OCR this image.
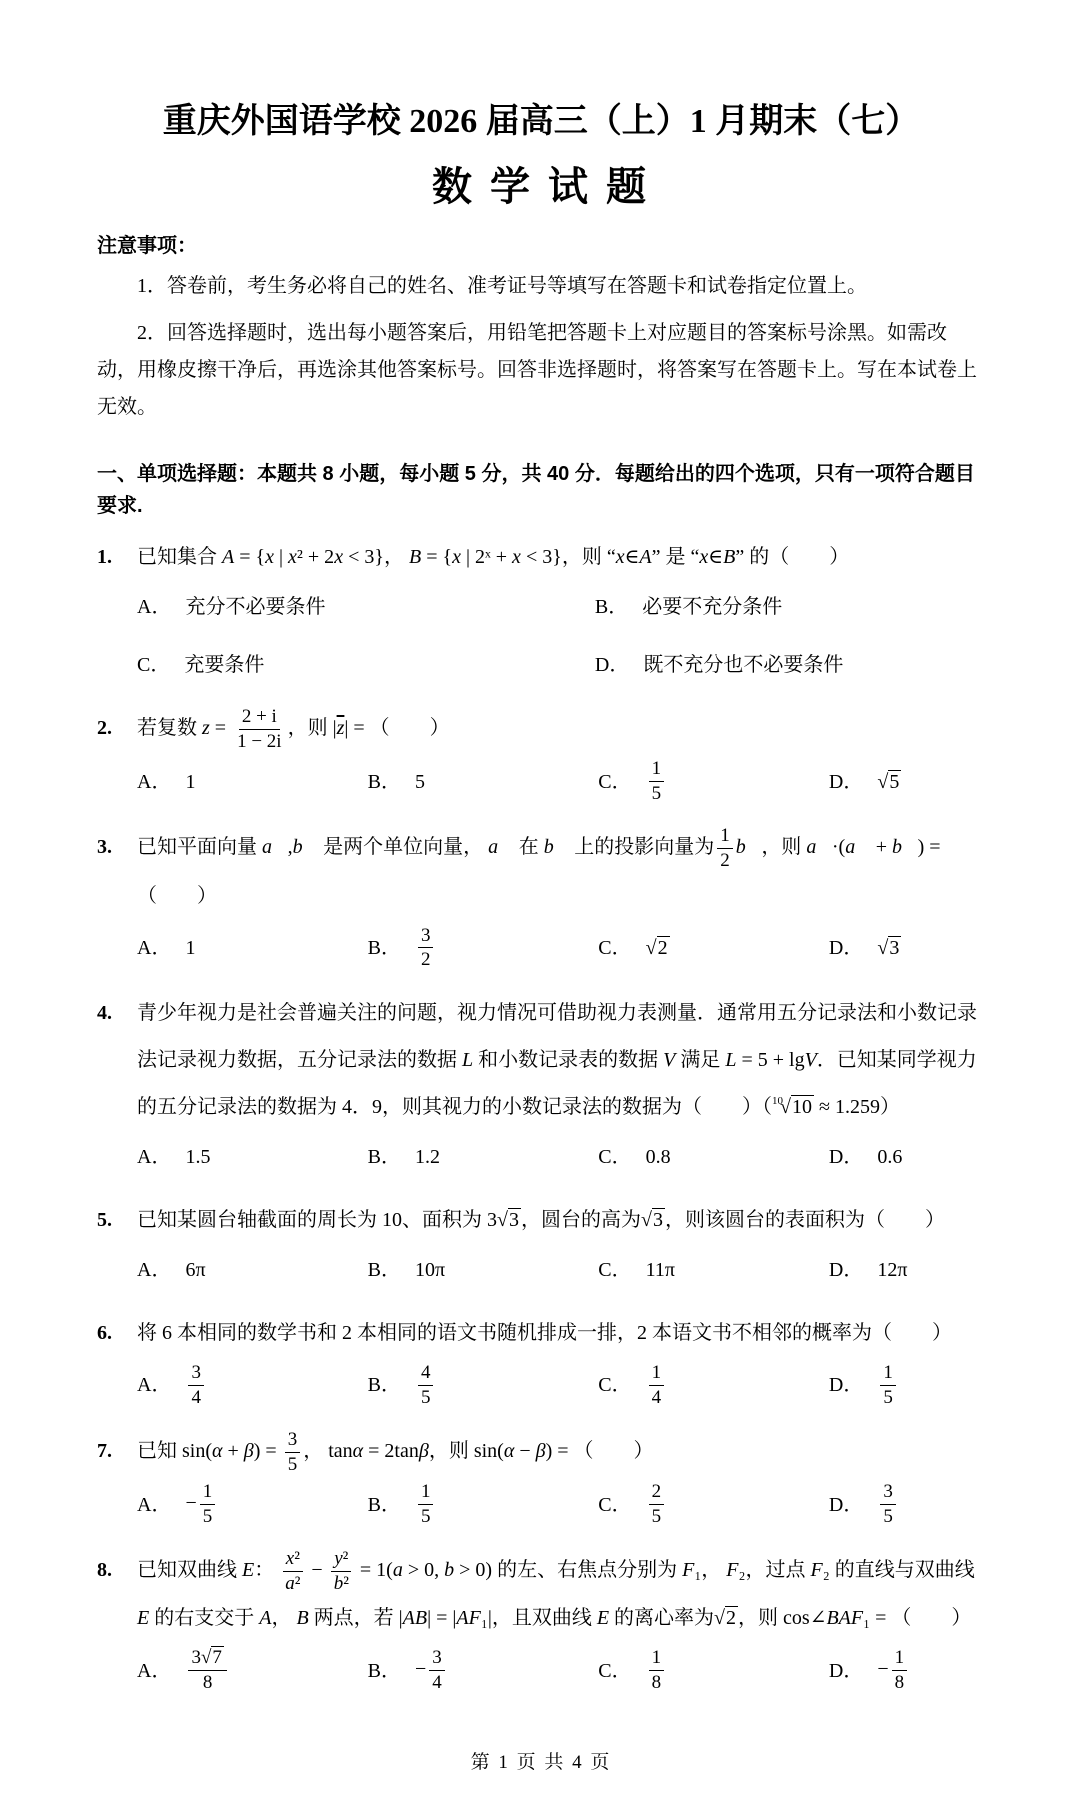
重庆外国语学校 2026 届高三（上）1 月期末（七）
数 学 试 题
注意事项：

1．答卷前，考生务必将自己的姓名、准考证号等填写在答题卡和试卷指定位置上。

2．回答选择题时，选出每小题答案后，用铅笔把答题卡上对应题目的答案标号涂黑。如需改动，用橡皮擦干净后，再选涂其他答案标号。回答非选择题时，将答案写在答题卡上。写在本试卷上无效。

一、单项选择题：本题共 8 小题，每小题 5 分，共 40 分．每题给出的四个选项，只有一项符合题目要求.
1.	已知集合 A = {x | x² + 2x < 3}， B = {x | 2ˣ + x < 3}，则 “x∈A” 是 “x∈B” 的（　　）
A． 充分不必要条件	B． 必要不充分条件
C． 充要条件	D． 既不充分也不必要条件
2.	若复数 $z = \frac{2 + i}{1 - 2i}$ ，则 $|\overline{z}|$ = （　　）
A． 1	B． 5	C． $\frac{1}{5}$	D． √5
3.	已知平面向量 a⃗,b⃗ 是两个单位向量， a⃗ 在 b⃗ 上的投影向量为 $\frac{1}{2}$ b⃗，则 a⃗·(a⃗ + b⃗) = （　　）
A． 1	B． $\frac{3}{2}$	C． √2	D． √3
4.	青少年视力是社会普遍关注的问题，视力情况可借助视力表测量．通常用五分记录法和小数记录法记录视力数据，五分记录法的数据 L 和小数记录表的数据 V 满足 L = 5 + lgV．已知某同学视力的五分记录法的数据为 4．9，则其视力的小数记录法的数据为（　　）（$^{10}$√10 ≈ 1.259）
A． 1.5	B． 1.2	C． 0.8	D． 0.6
5.	已知某圆台轴截面的周长为 10、面积为 3√3 ，圆台的高为√3 ，则该圆台的表面积为（　　）
A． 6π	B． 10π	C． 11π	D． 12π
6.	将 6 本相同的数学书和 2 本相同的语文书随机排成一排，2 本语文书不相邻的概率为（　　）
A． $\frac{3}{4}$	B． $\frac{4}{5}$	C． $\frac{1}{4}$	D． $\frac{1}{5}$
7.	已知 $\sin(\alpha + \beta) = \frac{3}{5}$ ， tanα = 2tanβ，则 sin(α − β) = （　　）
A． − $\frac{1}{5}$	B． $\frac{1}{5}$	C． $\frac{2}{5}$	D． $\frac{3}{5}$
8.	已知双曲线 E： $\frac{\text{x²}}{\text{a²}} - \frac{\text{y²}}{\text{b²}} = 1(a > 0$, b > 0) 的左、右焦点分别为 F₁， F₂，过点 F₂ 的直线与双曲线 E 的右支交于 A， B 两点，若 |AB| = |AF₁|，且双曲线 E 的离心率为√2 ，则 cos∠BAF₁ = （　　）
A． $\frac{3√7}{8}$	B． − $\frac{3}{4}$	C． $\frac{1}{8}$	D． − $\frac{1}{8}$
第 1 页 共 4 页
